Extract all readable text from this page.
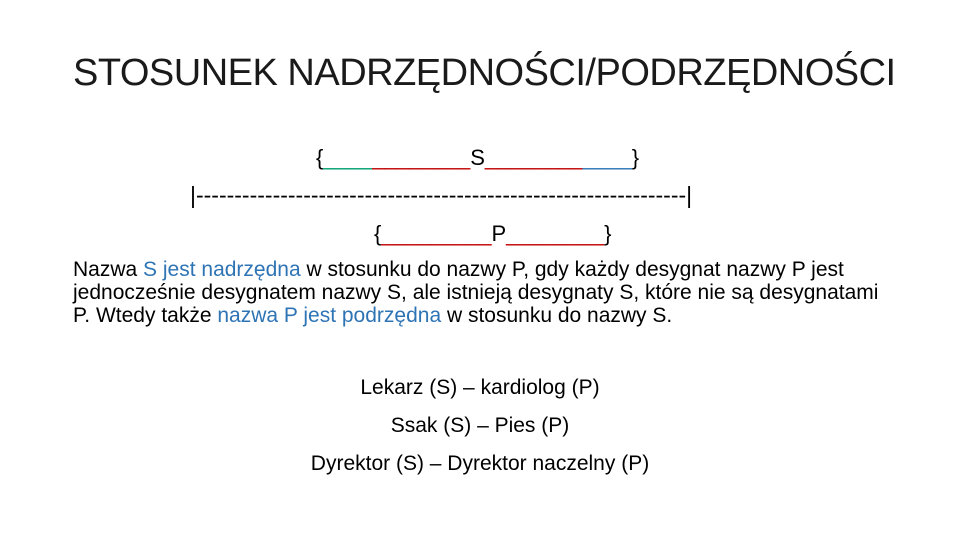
STOSUNEK NADRZĘDNOŚCI/PODRZĘDNOŚCI
{____________S____________}
|----------------------------------------------------------------|
{_________P________}

Nazwa S jest nadrzędna w stosunku do nazwy P, gdy każdy desygnat nazwy P jest jednocześnie desygnatem nazwy S, ale istnieją desygnaty S, które nie są desygnatami P. Wtedy także nazwa P jest podrzędna w stosunku do nazwy S.

Lekarz (S) – kardiolog (P)
Ssak (S) – Pies (P)
Dyrektor (S) – Dyrektor naczelny (P)
